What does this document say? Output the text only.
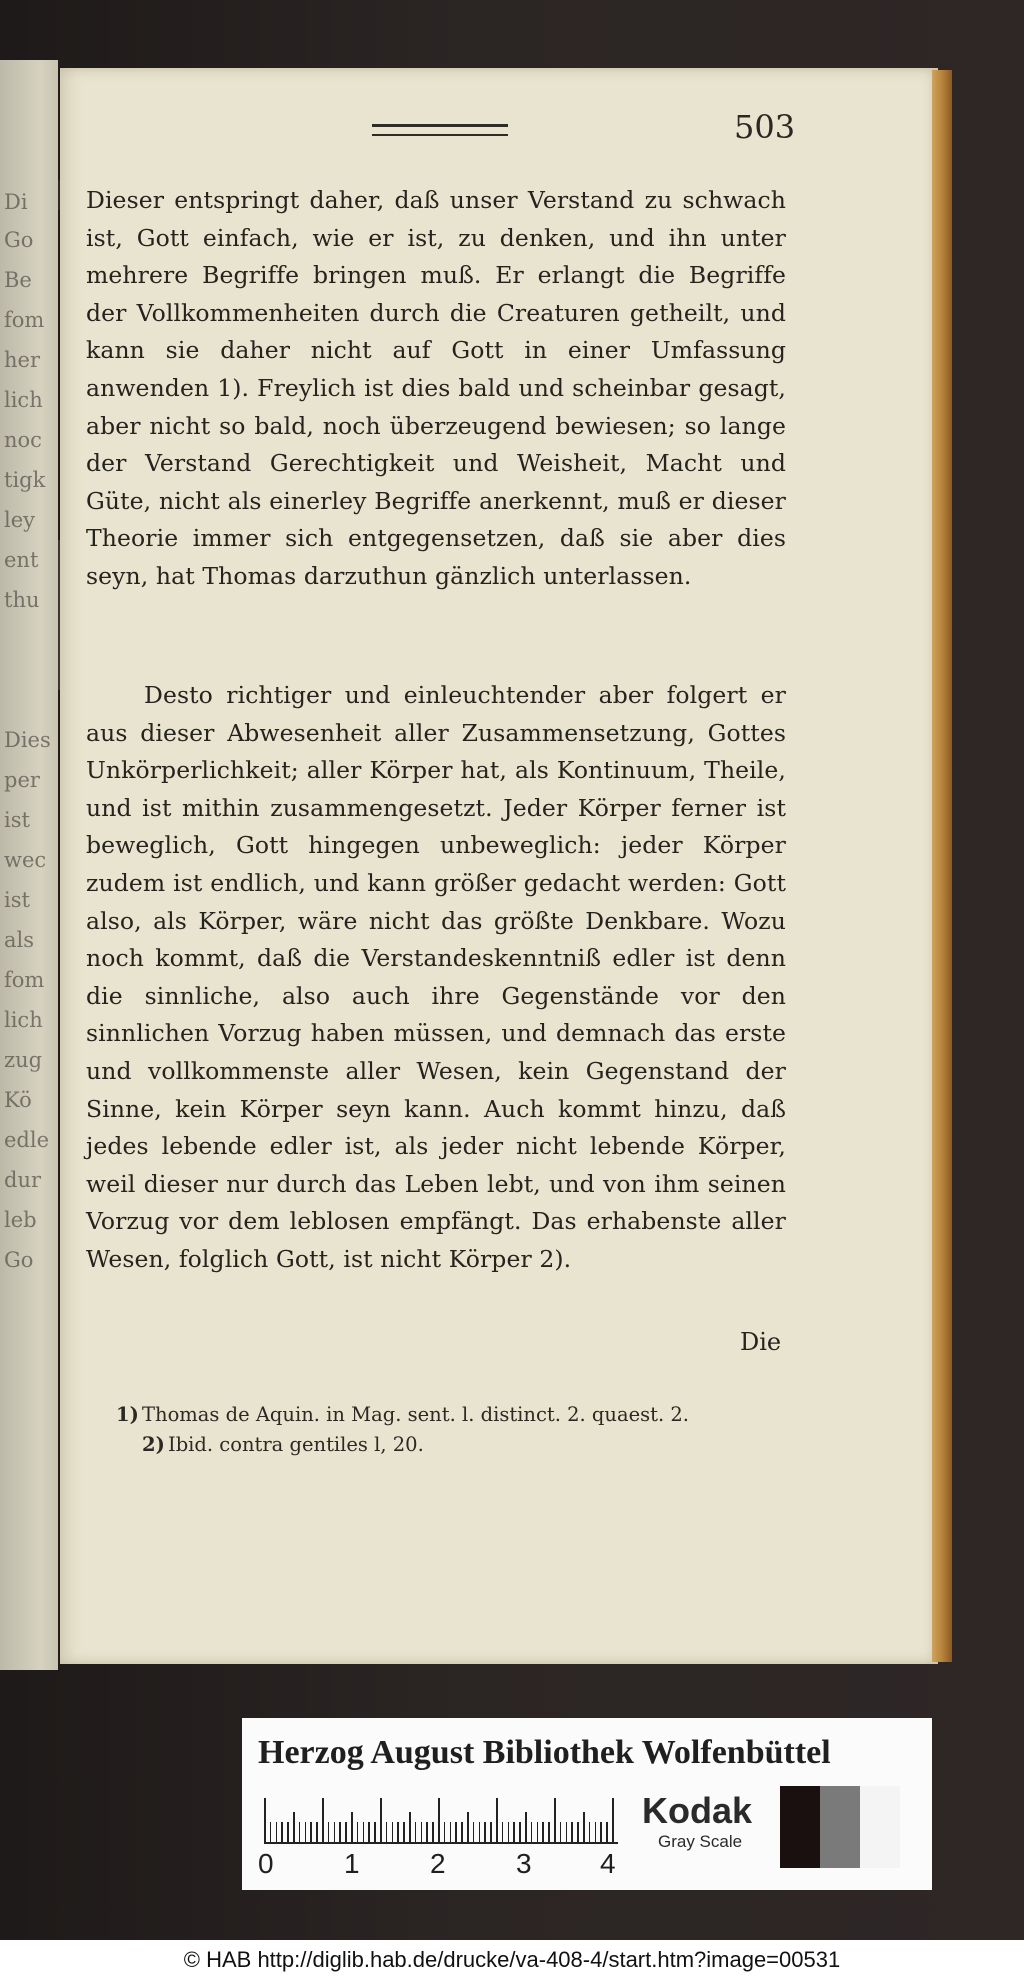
Di
Go
Be
fom
her
lich
noc
tigk
ley
ent
thu
Dies
per
ist
wec
ist
als
fom
lich
zug
Kö
edle
dur
leb
Go
503

Dieser entspringt daher, daß unser Verstand zu schwach ist, Gott einfach, wie er ist, zu denken, und ihn unter mehrere Begriffe bringen muß. Er erlangt die Begriffe der Vollkommenheiten durch die Creaturen getheilt, und kann sie daher nicht auf Gott in einer Umfassung anwenden 1). Freylich ist dies bald und scheinbar gesagt, aber nicht so bald, noch überzeugend bewiesen; so lange der Verstand Gerechtigkeit und Weisheit, Macht und Güte, nicht als einerley Begriffe anerkennt, muß er dieser Theorie immer sich entgegensetzen, daß sie aber dies seyn, hat Thomas darzuthun gänzlich unterlassen.

Desto richtiger und einleuchtender aber folgert er aus dieser Abwesenheit aller Zusammensetzung, Gottes Unkörperlichkeit; aller Körper hat, als Kontinuum, Theile, und ist mithin zusammengesetzt. Jeder Körper ferner ist beweglich, Gott hingegen unbeweglich: jeder Körper zudem ist endlich, und kann größer gedacht werden: Gott also, als Körper, wäre nicht das größte Denkbare. Wozu noch kommt, daß die Verstandeskenntniß edler ist denn die sinnliche, also auch ihre Gegenstände vor den sinnlichen Vorzug haben müssen, und demnach das erste und vollkommenste aller Wesen, kein Gegenstand der Sinne, kein Körper seyn kann. Auch kommt hinzu, daß jedes lebende edler ist, als jeder nicht lebende Körper, weil dieser nur durch das Leben lebt, und von ihm seinen Vorzug vor dem leblosen empfängt. Das erhabenste aller Wesen, folglich Gott, ist nicht Körper 2).

Die
1) Thomas de Aquin. in Mag. sent. l. distinct. 2. quaest. 2.
2) Ibid. contra gentiles l, 20.
Herzog August Bibliothek Wolfenbüttel
0	1	2	3 4
Kodak
Gray Scale
© HAB http://diglib.hab.de/drucke/va-408-4/start.htm?image=00531
